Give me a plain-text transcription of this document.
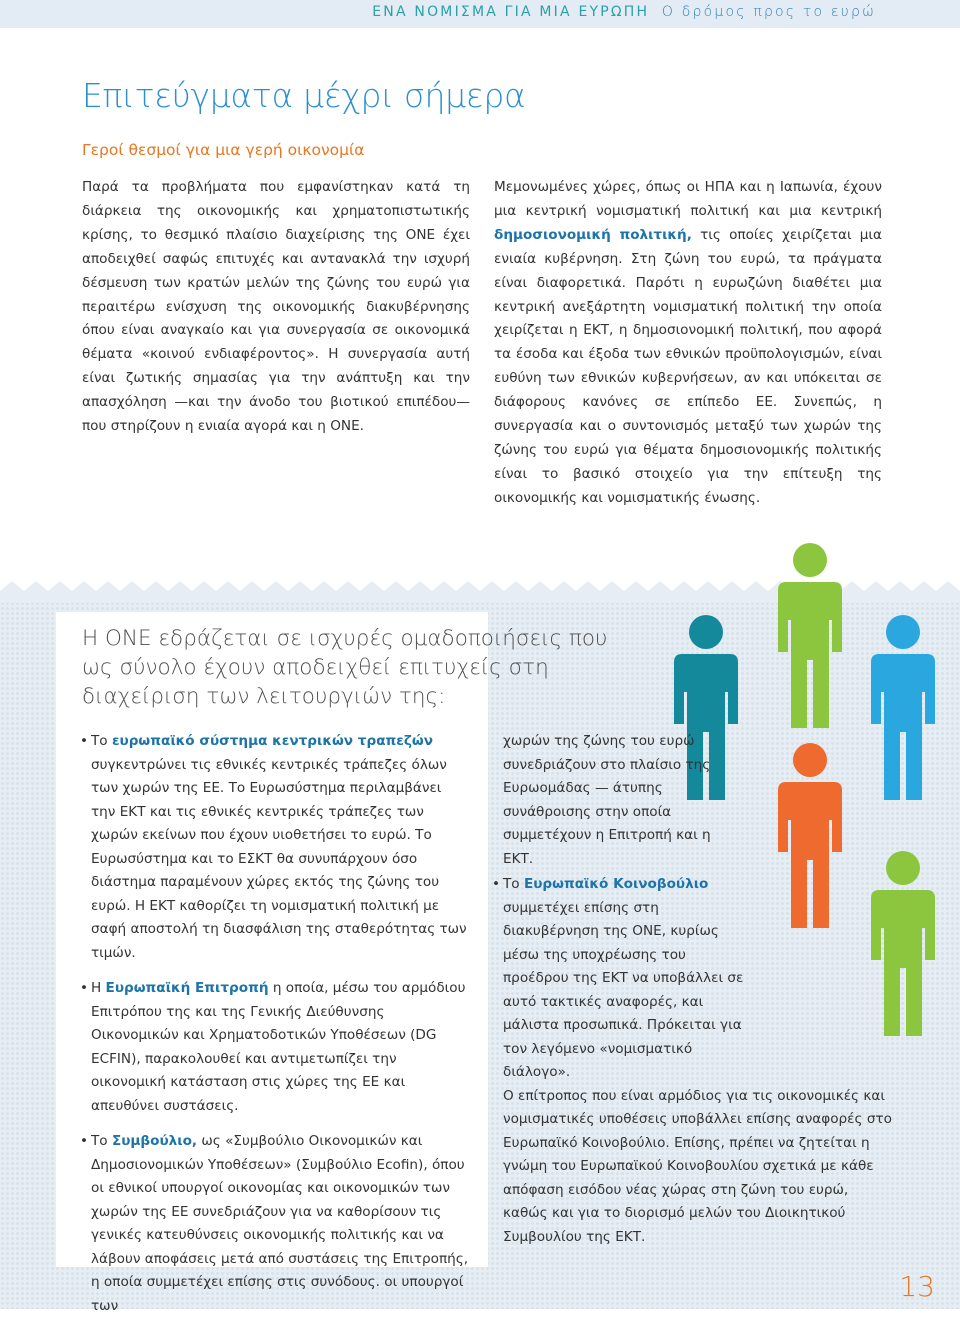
ΕΝΑ ΝΟΜΙΣΜΑ ΓΙΑ ΜΙΑ ΕΥΡΩΠΗ Ο δρόμος προς το ευρώ
Επιτεύγματα μέχρι σήμερα
Γεροί θεσμοί για μια γερή οικονομία

Παρά τα προβλήματα που εμφανίστηκαν κατά τη διάρκεια της οικονομικής και χρηματοπιστωτικής κρίσης, το θεσμικό πλαίσιο διαχείρισης της ΟΝΕ έχει αποδειχθεί σαφώς επιτυχές και αντανακλά την ισχυρή δέσμευση των κρατών μελών της ζώνης του ευρώ για περαιτέρω ενίσχυση της οικονομικής διακυβέρνησης όπου είναι αναγκαίο και για συνεργασία σε οικονομικά θέματα «κοινού ενδιαφέροντος». Η συνεργασία αυτή είναι ζωτικής σημασίας για την ανάπτυξη και την απασχόληση —και την άνοδο του βιοτικού επιπέδου— που στηρίζουν η ενιαία αγορά και η ΟΝΕ.

Μεμονωμένες χώρες, όπως οι ΗΠΑ και η Ιαπωνία, έχουν μια κεντρική νομισματική πολιτική και μια κεντρική δημοσιονομική πολιτική, τις οποίες χειρίζεται μια ενιαία κυβέρνηση. Στη ζώνη του ευρώ, τα πράγματα είναι διαφορετικά. Παρότι η ευρωζώνη διαθέτει μια κεντρική ανεξάρτητη νομισματική πολιτική την οποία χειρίζεται η ΕΚΤ, η δημοσιονομική πολιτική, που αφορά τα έσοδα και έξοδα των εθνικών προϋπολογισμών, είναι ευθύνη των εθνικών κυβερνήσεων, αν και υπόκειται σε διάφορους κανόνες σε επίπεδο ΕΕ. Συνεπώς, η συνεργασία και ο συντονισμός μεταξύ των χωρών της ζώνης του ευρώ για θέματα δημοσιονομικής πολιτικής είναι το βασικό στοιχείο για την επίτευξη της οικονομικής και νομισματικής ένωσης.

Η ΟΝΕ εδράζεται σε ισχυρές ομαδοποιήσεις που ως σύνολο έχουν αποδειχθεί επιτυχείς στη διαχείριση των λειτουργιών της:
• Το ευρωπαϊκό σύστημα κεντρικών τραπεζών συγκεντρώνει τις εθνικές κεντρικές τράπεζες όλων των χωρών της ΕΕ. Το Ευρωσύστημα περιλαμβάνει την ΕΚΤ και τις εθνικές κεντρικές τράπεζες των χωρών εκείνων που έχουν υιοθετήσει το ευρώ. Το Ευρωσύστημα και το ΕΣΚΤ θα συνυπάρχουν όσο διάστημα παραμένουν χώρες εκτός της ζώνης του ευρώ. Η ΕΚΤ καθορίζει τη νομισματική πολιτική με σαφή αποστολή τη διασφάλιση της σταθερότητας των τιμών.
• Η Ευρωπαϊκή Επιτροπή η οποία, μέσω του αρμόδιου Επιτρόπου της και της Γενικής Διεύθυνσης Οικονομικών και Χρηματοδοτικών Υποθέσεων (DG ECFIN), παρακολουθεί και αντιμετωπίζει την οικονομική κατάσταση στις χώρες της ΕΕ και απευθύνει συστάσεις.
• Το Συμβούλιο, ως «Συμβούλιο Οικονομικών και Δημοσιονομικών Υποθέσεων» (Συμβούλιο Ecofin), όπου οι εθνικοί υπουργοί οικονομίας και οικονομικών των χωρών της ΕΕ συνεδριάζουν για να καθορίσουν τις γενικές κατευθύνσεις οικονομικής πολιτικής και να λάβουν αποφάσεις μετά από συστάσεις της Επιτροπής, η οποία συμμετέχει επίσης στις συνόδους. οι υπουργοί των
χωρών της ζώνης του ευρώ συνεδριάζουν στο πλαίσιο της Ευρωομάδας — άτυπης συνάθροισης στην οποία συμμετέχουν η Επιτροπή και η ΕΚΤ.
• Το Ευρωπαϊκό Κοινοβούλιο συμμετέχει επίσης στη διακυβέρνηση της ΟΝΕ, κυρίως μέσω της υποχρέωσης του προέδρου της ΕΚΤ να υποβάλλει σε αυτό τακτικές αναφορές, και μάλιστα προσωπικά. Πρόκειται για τον λεγόμενο «νομισματικό διάλογο».
Ο επίτροπος που είναι αρμόδιος για τις οικονομικές και νομισματικές υποθέσεις υποβάλλει επίσης αναφορές στο Ευρωπαϊκό Κοινοβούλιο. Επίσης, πρέπει να ζητείται η γνώμη του Ευρωπαϊκού Κοινοβουλίου σχετικά με κάθε απόφαση εισόδου νέας χώρας στη ζώνη του ευρώ, καθώς και για το διορισμό μελών του Διοικητικού Συμβουλίου της ΕΚΤ.
13
